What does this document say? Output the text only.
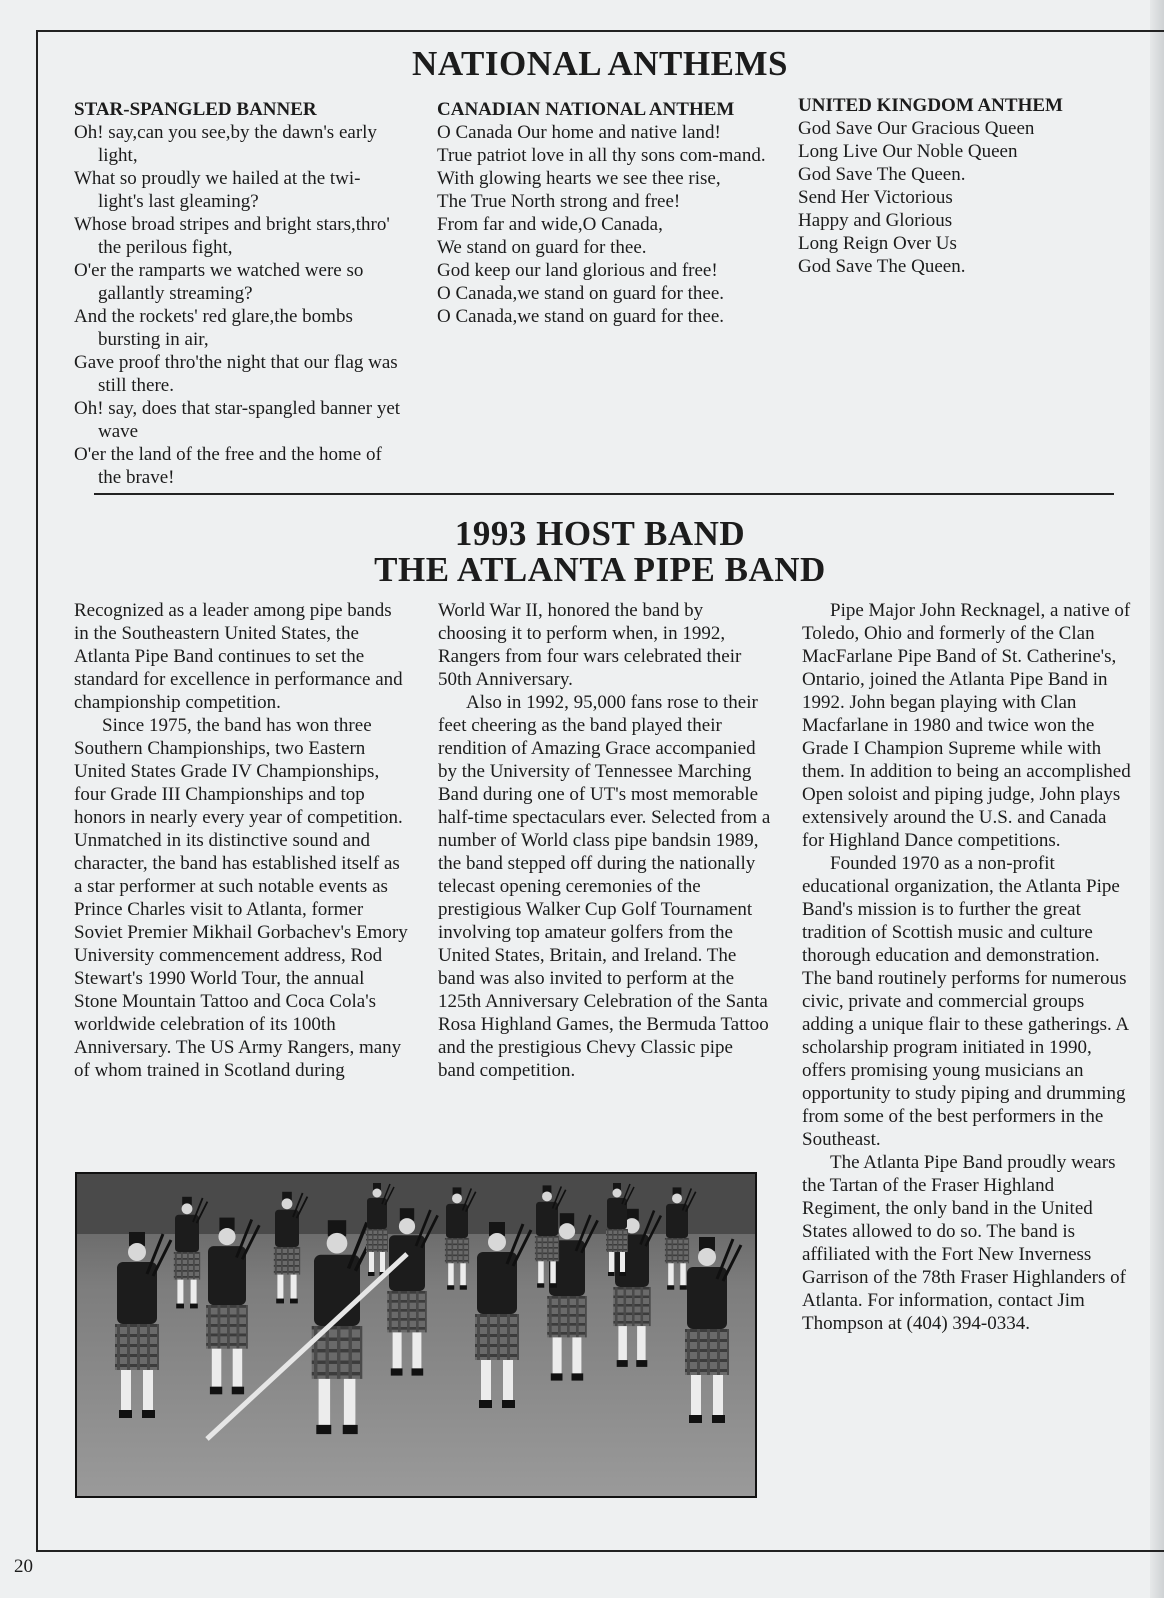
NATIONAL ANTHEMS
STAR-SPANGLED BANNER
Oh! say,can you see,by the dawn's early light,
What so proudly we hailed at the twi-light's last gleaming?
Whose broad stripes and bright stars,thro' the perilous fight,
O'er the ramparts we watched were so gallantly streaming?
And the rockets' red glare,the bombs bursting in air,
Gave proof thro'the night that our flag was still there.
Oh! say, does that star-spangled banner yet wave
O'er the land of the free and the home of the brave!
CANADIAN NATIONAL ANTHEM
O Canada Our home and native land!
True patriot love in all thy sons com-mand.
With glowing hearts we see thee rise,
The True North strong and free!
From far and wide,O Canada,
We stand on guard for thee.
God keep our land glorious and free!
O Canada,we stand on guard for thee.
O Canada,we stand on guard for thee.
UNITED KINGDOM ANTHEM
God Save Our Gracious Queen
Long Live Our Noble Queen
God Save The Queen.
Send Her Victorious
Happy and Glorious
Long Reign Over Us
God Save The Queen.
1993 HOST BAND
THE ATLANTA PIPE BAND

Recognized as a leader among pipe bands in the Southeastern United States, the Atlanta Pipe Band continues to set the standard for excellence in performance and championship competition.

Since 1975, the band has won three Southern Championships, two Eastern United States Grade IV Championships, four Grade III Championships and top honors in nearly every year of competition. Unmatched in its distinctive sound and character, the band has established itself as a star performer at such notable events as Prince Charles visit to Atlanta, former Soviet Premier Mikhail Gorbachev's Emory University commencement address, Rod Stewart's 1990 World Tour, the annual Stone Mountain Tattoo and Coca Cola's worldwide celebration of its 100th Anniversary. The US Army Rangers, many of whom trained in Scotland during

World War II, honored the band by choosing it to perform when, in 1992, Rangers from four wars celebrated their 50th Anniversary.

Also in 1992, 95,000 fans rose to their feet cheering as the band played their rendition of Amazing Grace accompanied by the University of Tennessee Marching Band during one of UT's most memorable half-time spectaculars ever. Selected from a number of World class pipe bandsin 1989, the band stepped off during the nationally telecast opening ceremonies of the prestigious Walker Cup Golf Tournament involving top amateur golfers from the United States, Britain, and Ireland. The band was also invited to perform at the 125th Anniversary Celebration of the Santa Rosa Highland Games, the Bermuda Tattoo and the prestigious Chevy Classic pipe band competition.

Pipe Major John Recknagel, a native of Toledo, Ohio and formerly of the Clan MacFarlane Pipe Band of St. Catherine's, Ontario, joined the Atlanta Pipe Band in 1992. John began playing with Clan Macfarlane in 1980 and twice won the Grade I Champion Supreme while with them. In addition to being an accomplished Open soloist and piping judge, John plays extensively around the U.S. and Canada for Highland Dance competitions.

Founded 1970 as a non-profit educational organization, the Atlanta Pipe Band's mission is to further the great tradition of Scottish music and culture thorough education and demonstration. The band routinely performs for numerous civic, private and commercial groups adding a unique flair to these gatherings. A scholarship program initiated in 1990, offers promising young musicians an opportunity to study piping and drumming from some of the best performers in the Southeast.

The Atlanta Pipe Band proudly wears the Tartan of the Fraser Highland Regiment, the only band in the United States allowed to do so. The band is affiliated with the Fort New Inverness Garrison of the 78th Fraser Highlanders of Atlanta. For information, contact Jim Thompson at (404) 394-0334.

20
